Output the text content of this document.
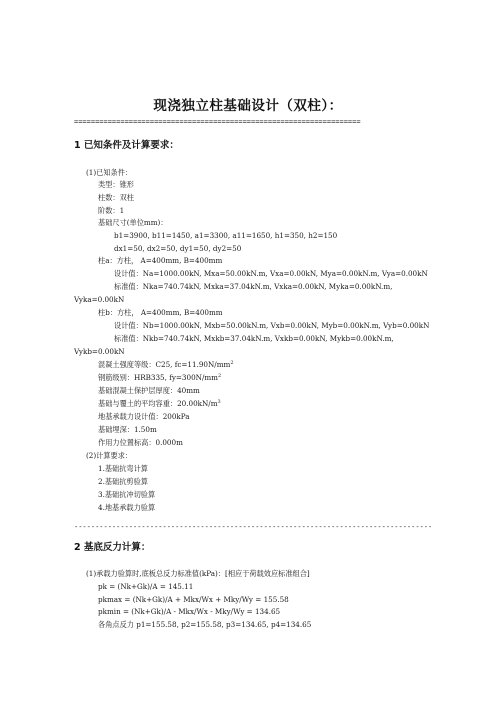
现浇独立柱基础设计（双柱）：
====================================================================
1 已知条件及计算要求：
(1)已知条件：
类型：锥形
柱数：双柱
阶数：1
基础尺寸(单位mm)：
b1=3900, b11=1450, a1=3300, a11=1650, h1=350, h2=150
dx1=50, dx2=50, dy1=50, dy2=50
柱a：方柱， A=400mm, B=400mm
设计值：Na=1000.00kN, Mxa=50.00kN.m, Vxa=0.00kN, Mya=0.00kN.m, Vya=0.00kN
标准值：Nka=740.74kN, Mxka=37.04kN.m, Vxka=0.00kN, Myka=0.00kN.m,
Vyka=0.00kN
柱b：方柱， A=400mm, B=400mm
设计值：Nb=1000.00kN, Mxb=50.00kN.m, Vxb=0.00kN, Myb=0.00kN.m, Vyb=0.00kN
标准值：Nkb=740.74kN, Mxkb=37.04kN.m, Vxkb=0.00kN, Mykb=0.00kN.m,
Vykb=0.00kN
混凝土强度等级：C25, $fc=11.90N/mm^2$
钢筋级别：HRB335, $fy=300N/mm^2$
基础混凝土保护层厚度：40mm
基础与覆土的平均容重：$20.00kN/m^3$
地基承载力设计值：200kPa
基础埋深：1.50m
作用力位置标高：0.000m
(2)计算要求：
1.基础抗弯计算
2.基础抗剪验算
3.基础抗冲切验算
4.地基承载力验算
-------------------------------------------------------------------------------------
2 基底反力计算：
(1)承载力验算时,底板总反力标准值(kPa)：[相应于荷载效应标准组合]
pk = (Nk+Gk)/A = 145.11
pkmax = (Nk+Gk)/A + Mkx/Wx + Mky/Wy = 155.58
pkmin = (Nk+Gk)/A - Mkx/Wx - Mky/Wy = 134.65
各角点反力 p1=155.58, p2=155.58, p3=134.65, p4=134.65
